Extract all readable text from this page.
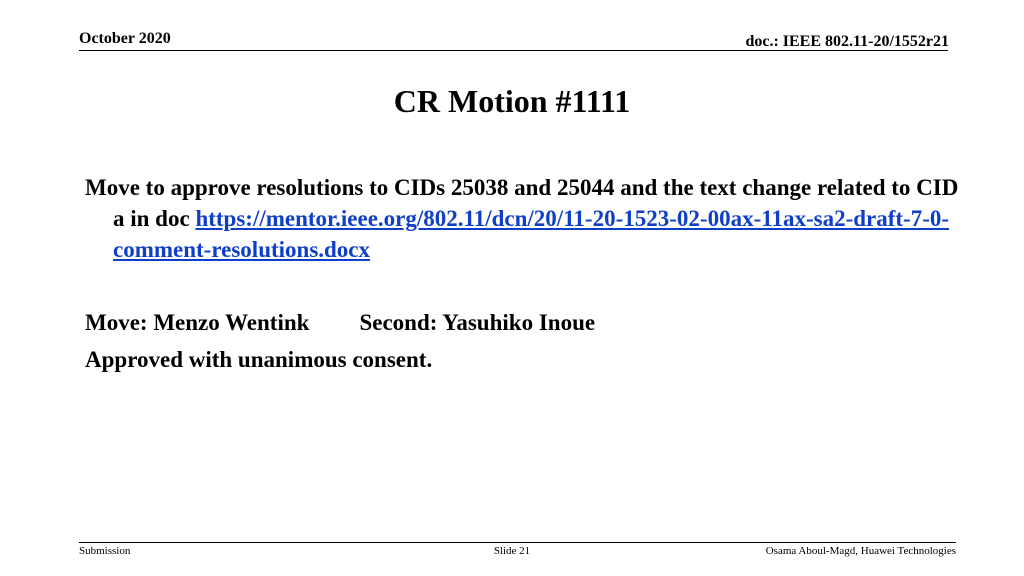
October 2020	doc.: IEEE 802.11-20/1552r21
CR Motion #1111

Move to approve resolutions to CIDs 25038 and 25044 and the text change related to CID a in doc https://mentor.ieee.org/802.11/dcn/20/11-20-1523-02-00ax-11ax-sa2-draft-7-0-comment-resolutions.docx

Move: Menzo Wentink Second: Yasuhiko Inoue
Approved with unanimous consent.
Submission	Slide 21	Osama Aboul-Magd, Huawei Technologies
